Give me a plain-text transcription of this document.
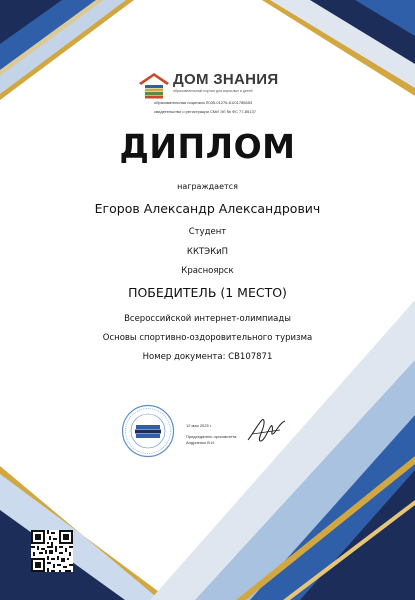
ДОМ ЗНАНИЯ
образовательный портал для взрослых и детей
образовательная лицензия Л035-01276-61/01785653
свидетельство о регистрации СМИ ЭЛ № ФС 77-85137
ДИПЛОМ
награждается
Егоров Александр Александрович
Студент
ККТЭКиП
Красноярск
ПОБЕДИТЕЛЬ (1 МЕСТО)
Всероссийской интернет-олимпиады
Основы спортивно-оздоровительного туризма
Номер документа: СВ107871
12 мая 2025 г.
Председатель оргкомитета
Андриенко В.И.
